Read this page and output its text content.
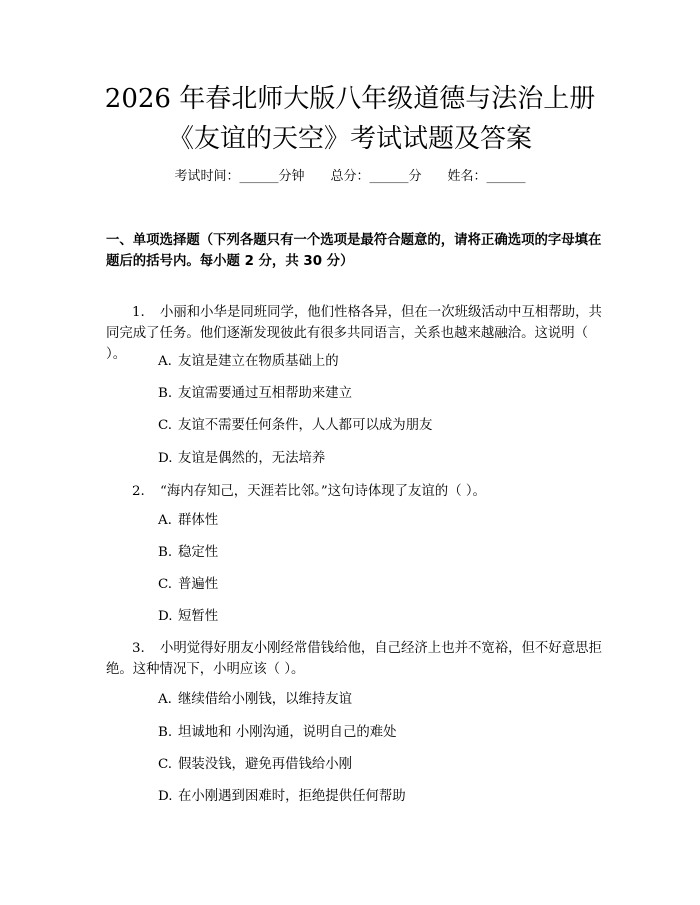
2026 年春北师大版八年级道德与法治上册

《友谊的天空》考试试题及答案

考试时间：______分钟 总分：______分 姓名：______
一、单项选择题（下列各题只有一个选项是最符合题意的，请将正确选项的字母填在题后的括号内。每小题 2 分，共 30 分）
1. 小丽和小华是同班同学，他们性格各异，但在一次班级活动中互相帮助，共同完成了任务。他们逐渐发现彼此有很多共同语言，关系也越来越融洽。这说明（ ）。	A. 友谊是建立在物质基础上的
B. 友谊需要通过互相帮助来建立
C. 友谊不需要任何条件，人人都可以成为朋友
D. 友谊是偶然的，无法培养
2. “海内存知己，天涯若比邻。”这句诗体现了友谊的（ ）。
A. 群体性
B. 稳定性
C. 普遍性
D. 短暂性
3. 小明觉得好朋友小刚经常借钱给他，自己经济上也并不宽裕，但不好意思拒绝。这种情况下，小明应该（ ）。
A. 继续借给小刚钱，以维持友谊
B. 坦诚地和 小刚沟通，说明自己的难处
C. 假装没钱，避免再借钱给小刚
D. 在小刚遇到困难时，拒绝提供任何帮助
